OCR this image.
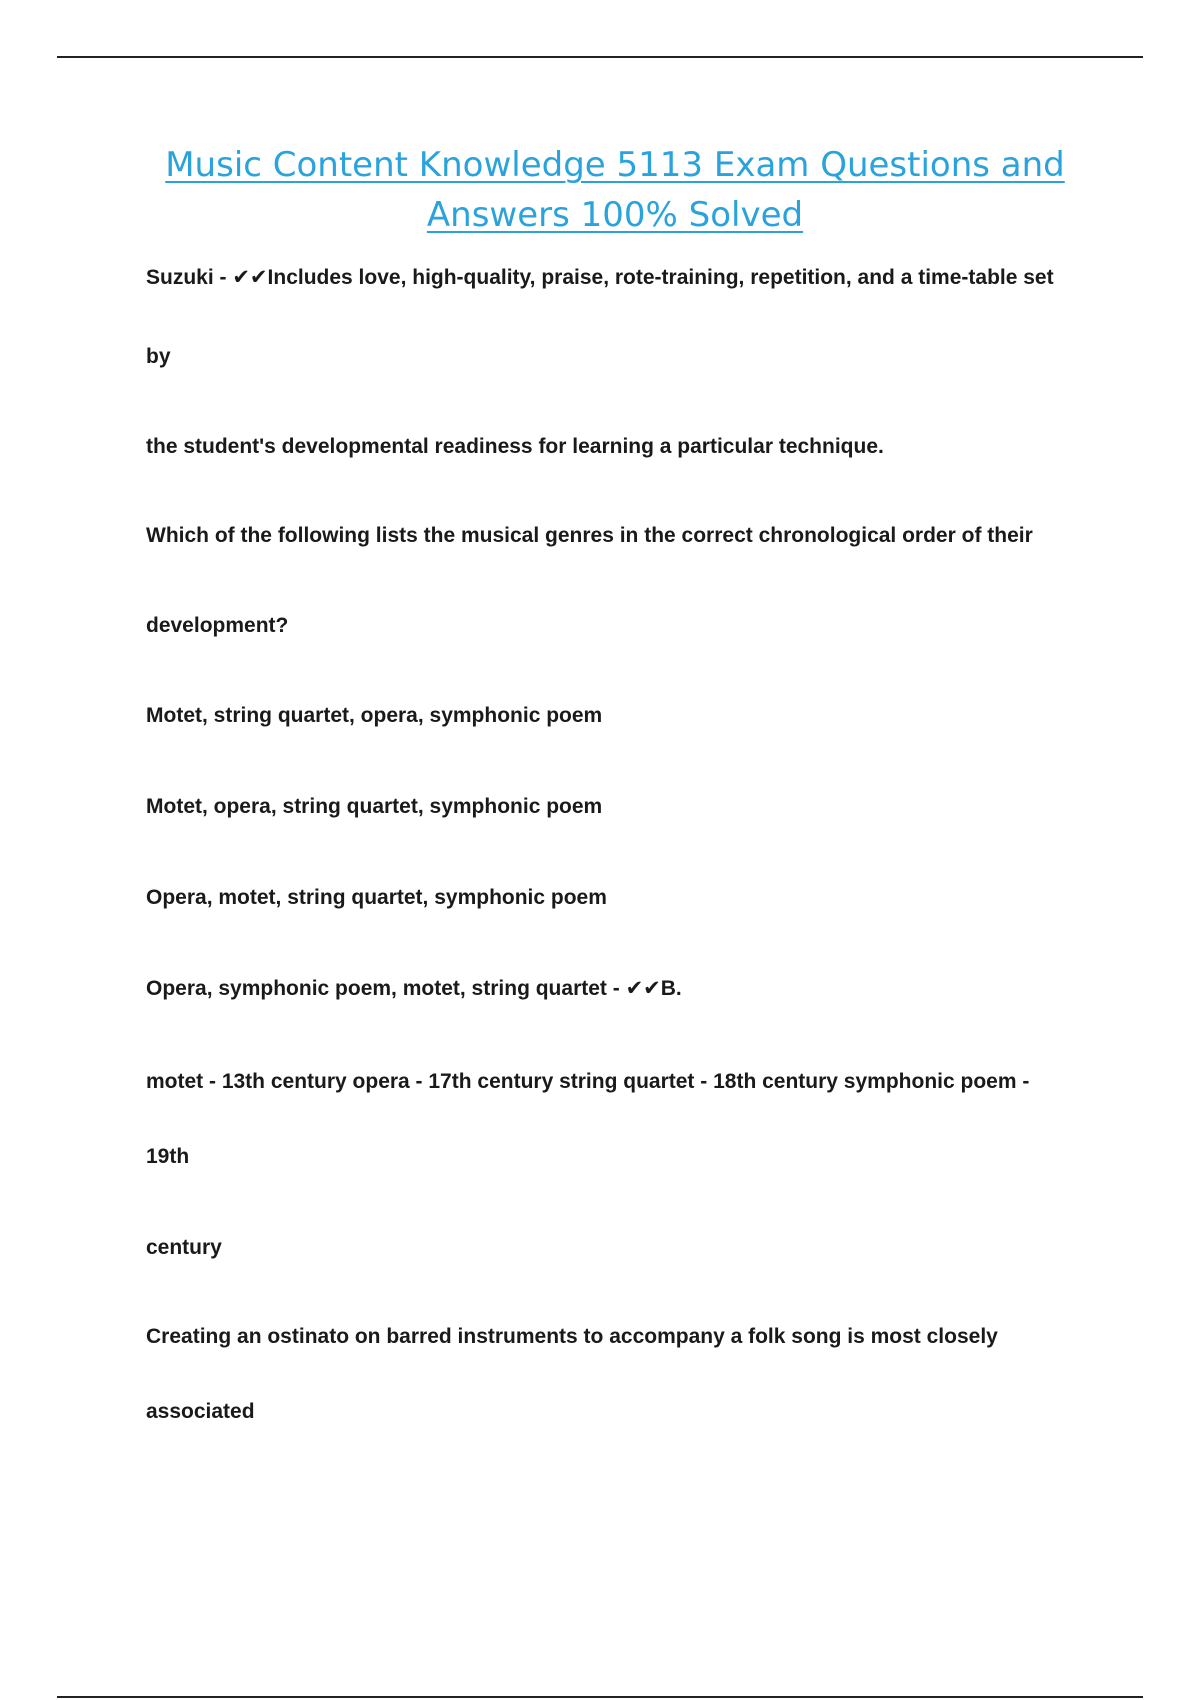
Music Content Knowledge 5113 Exam Questions and Answers 100% Solved

Suzuki - ✔✔Includes love, high-quality, praise, rote-training, repetition, and a time-table set

by

the student's developmental readiness for learning a particular technique.

Which of the following lists the musical genres in the correct chronological order of their

development?

Motet, string quartet, opera, symphonic poem

Motet, opera, string quartet, symphonic poem

Opera, motet, string quartet, symphonic poem

Opera, symphonic poem, motet, string quartet - ✔✔B.

motet - 13th century opera - 17th century string quartet - 18th century symphonic poem -

19th

century

Creating an ostinato on barred instruments to accompany a folk song is most closely

associated
